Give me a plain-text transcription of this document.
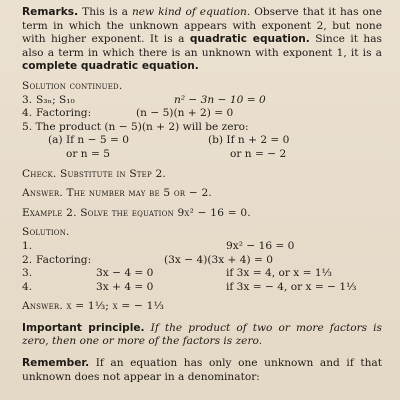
Remarks. This is a new kind of equation. Observe that it has one term in which the unknown appears with exponent 2, but none with higher exponent. It is a quadratic equation. Since it has also a term in which there is an unknown with exponent 1, it is a complete quadratic equation.

Solution continued.
3. S₃ₙ; S₁₀	n² − 3n − 10 = 0
4. Factoring:	(n − 5)(n + 2) = 0
5. The product (n − 5)(n + 2) will be zero:
(a) If n − 5 = 0	(b) If n + 2 = 0
or n = 5	or n = − 2
Check. Substitute in Step 2.
Answer. The number may be 5 or − 2.
Example 2. Solve the equation 9x² − 16 = 0.
Solution.
1.	9x² − 16 = 0
2. Factoring:	(3x − 4)(3x + 4) = 0
3.	3x − 4 = 0	if 3x = 4, or x = 1⅓
4.	3x + 4 = 0	if 3x = − 4, or x = − 1⅓
Answer. x = 1⅓; x = − 1⅓

Important principle. If the product of two or more factors is zero, then one or more of the factors is zero.

Remember. If an equation has only one unknown and if that unknown does not appear in a denominator:
